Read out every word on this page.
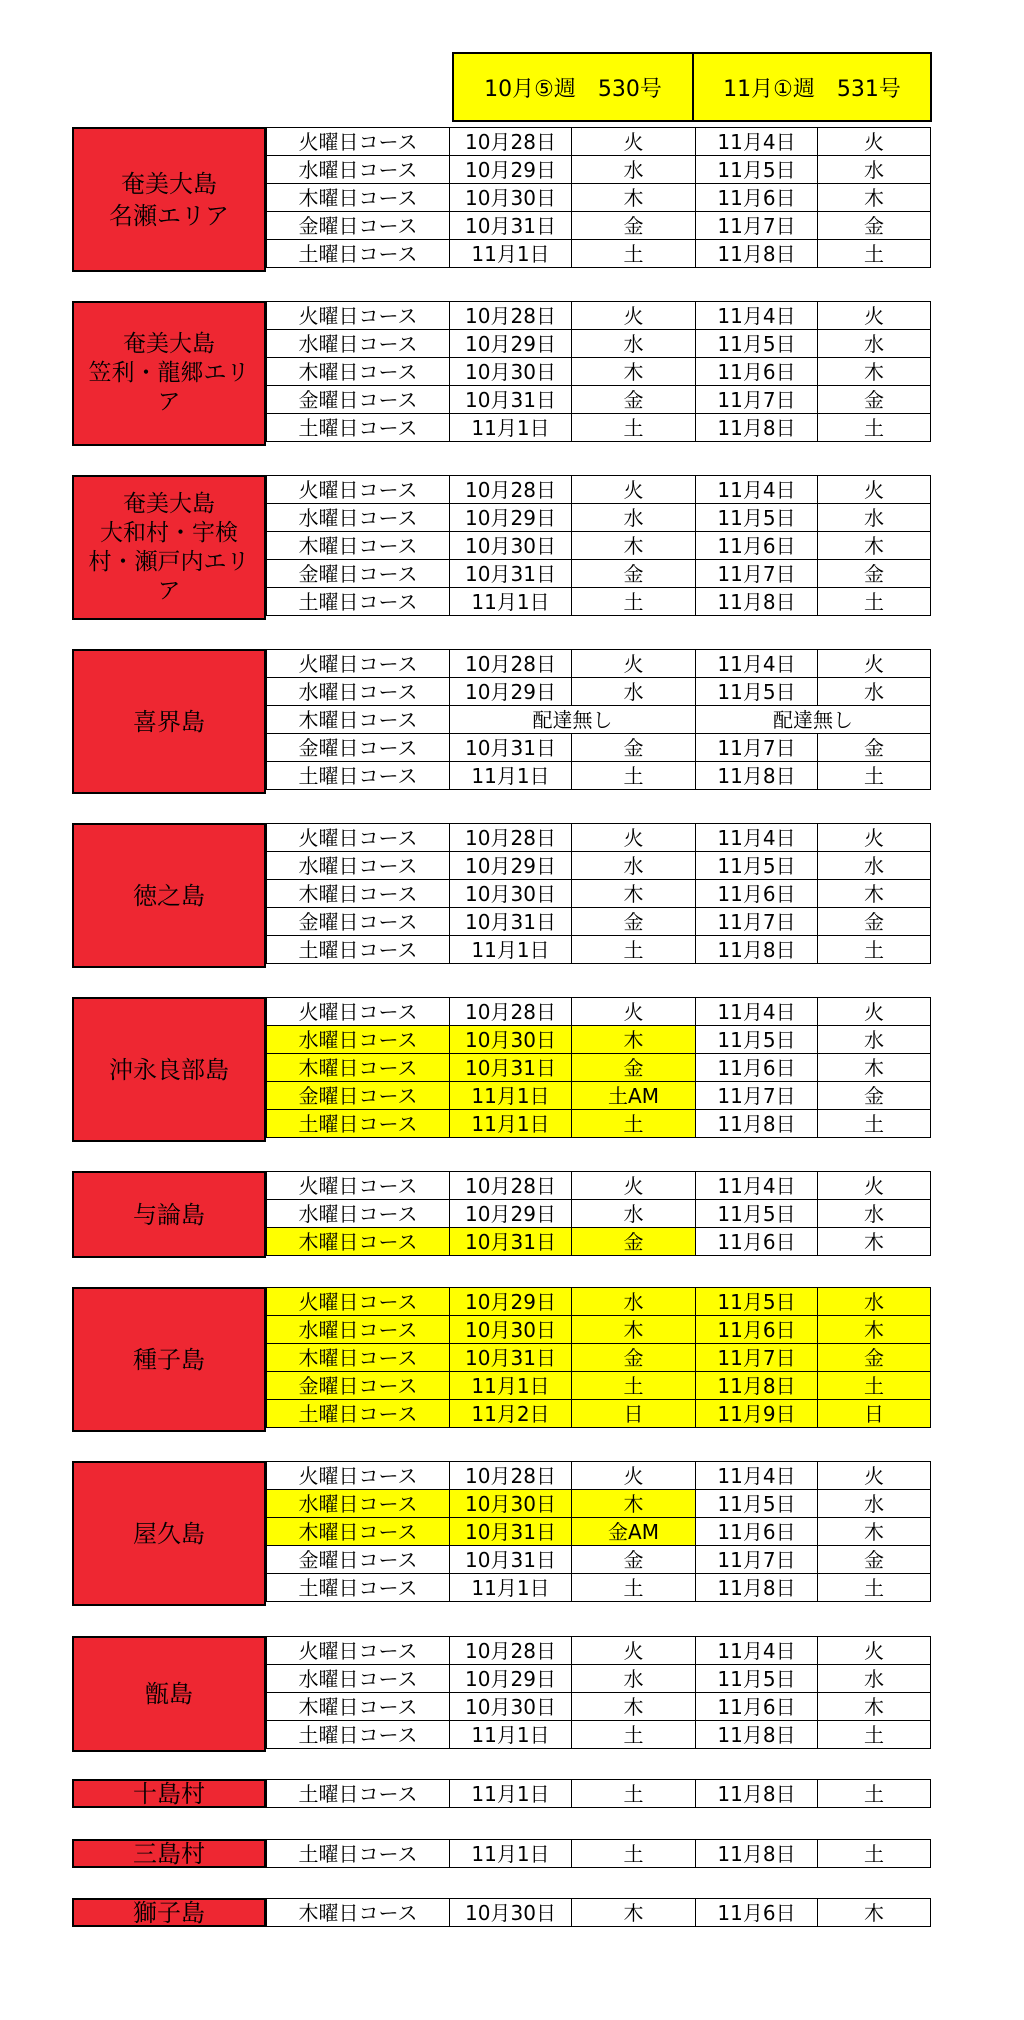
10月⑤週　530号	11月①週　531号
奄美大島
名瀬エリア
火曜日コース	10月28日	火	11月4日	火
水曜日コース	10月29日	水	11月5日	水
木曜日コース	10月30日	木	11月6日	木
金曜日コース	10月31日	金	11月7日	金
土曜日コース	11月1日	土	11月8日	土
奄美大島
笠利・龍郷エリ
ア
火曜日コース	10月28日	火	11月4日	火
水曜日コース	10月29日	水	11月5日	水
木曜日コース	10月30日	木	11月6日	木
金曜日コース	10月31日	金	11月7日	金
土曜日コース	11月1日	土	11月8日	土
奄美大島
大和村・宇検
村・瀬戸内エリ
ア
火曜日コース	10月28日	火	11月4日	火
水曜日コース	10月29日	水	11月5日	水
木曜日コース	10月30日	木	11月6日	木
金曜日コース	10月31日	金	11月7日	金
土曜日コース	11月1日	土	11月8日	土
喜界島
火曜日コース	10月28日	火	11月4日	火
水曜日コース	10月29日	水	11月5日	水
木曜日コース	配達無し		配達無し	
金曜日コース	10月31日	金	11月7日	金
土曜日コース	11月1日	土	11月8日	土
徳之島
火曜日コース	10月28日	火	11月4日	火
水曜日コース	10月29日	水	11月5日	水
木曜日コース	10月30日	木	11月6日	木
金曜日コース	10月31日	金	11月7日	金
土曜日コース	11月1日	土	11月8日	土
沖永良部島
火曜日コース	10月28日	火	11月4日	火
水曜日コース	10月30日	木	11月5日	水
木曜日コース	10月31日	金	11月6日	木
金曜日コース	11月1日	土AM	11月7日	金
土曜日コース	11月1日	土	11月8日	土
与論島
火曜日コース	10月28日	火	11月4日	火
水曜日コース	10月29日	水	11月5日	水
木曜日コース	10月31日	金	11月6日	木
種子島
火曜日コース	10月29日	水	11月5日	水
水曜日コース	10月30日	木	11月6日	木
木曜日コース	10月31日	金	11月7日	金
金曜日コース	11月1日	土	11月8日	土
土曜日コース	11月2日	日	11月9日	日
屋久島
火曜日コース	10月28日	火	11月4日	火
水曜日コース	10月30日	木	11月5日	水
木曜日コース	10月31日	金AM	11月6日	木
金曜日コース	10月31日	金	11月7日	金
土曜日コース	11月1日	土	11月8日	土
甑島
火曜日コース	10月28日	火	11月4日	火
水曜日コース	10月29日	水	11月5日	水
木曜日コース	10月30日	木	11月6日	木
土曜日コース	11月1日	土	11月8日	土
十島村	土曜日コース	11月1日	土	11月8日	土
三島村	土曜日コース	11月1日	土	11月8日	土
獅子島	木曜日コース	10月30日	木	11月6日	木
